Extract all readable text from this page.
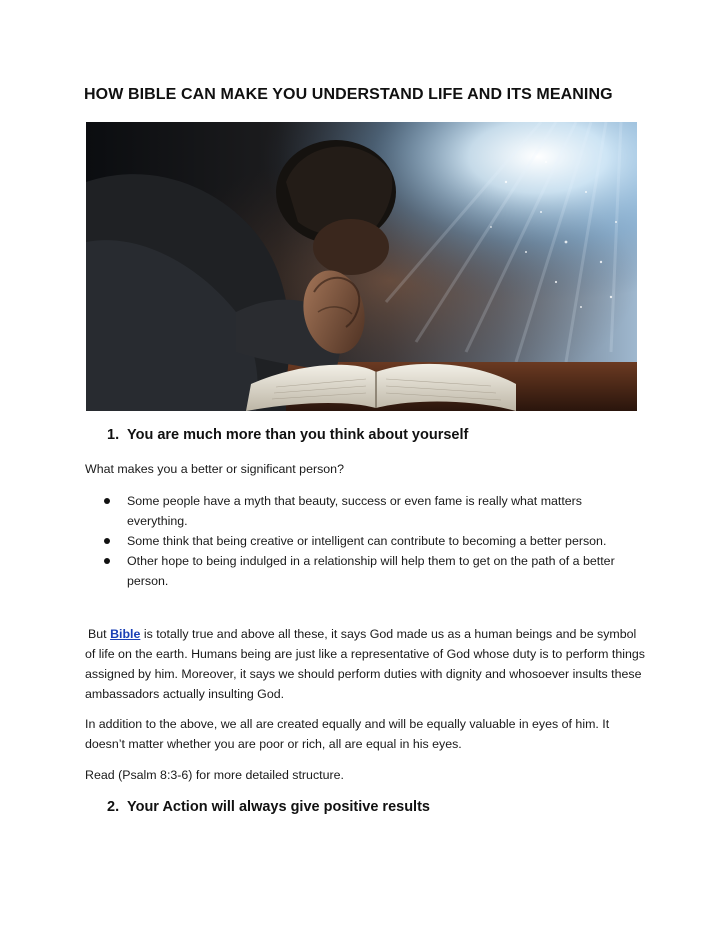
HOW BIBLE CAN MAKE YOU UNDERSTAND LIFE AND ITS MEANING
1. You are much more than you think about yourself

What makes you a better or significant person?

Some people have a myth that beauty, success or even fame is really what matters everything.
Some think that being creative or intelligent can contribute to becoming a better person.
Other hope to being indulged in a relationship will help them to get on the path of a better person.

But Bible is totally true and above all these, it says God made us as a human beings and be symbol of life on the earth. Humans being are just like a representative of God whose duty is to perform things assigned by him. Moreover, it says we should perform duties with dignity and whosoever insults these ambassadors actually insulting God.

In addition to the above, we all are created equally and will be equally valuable in eyes of him. It doesn’t matter whether you are poor or rich, all are equal in his eyes.

Read (Psalm 8:3-6) for more detailed structure.

2. Your Action will always give positive results
